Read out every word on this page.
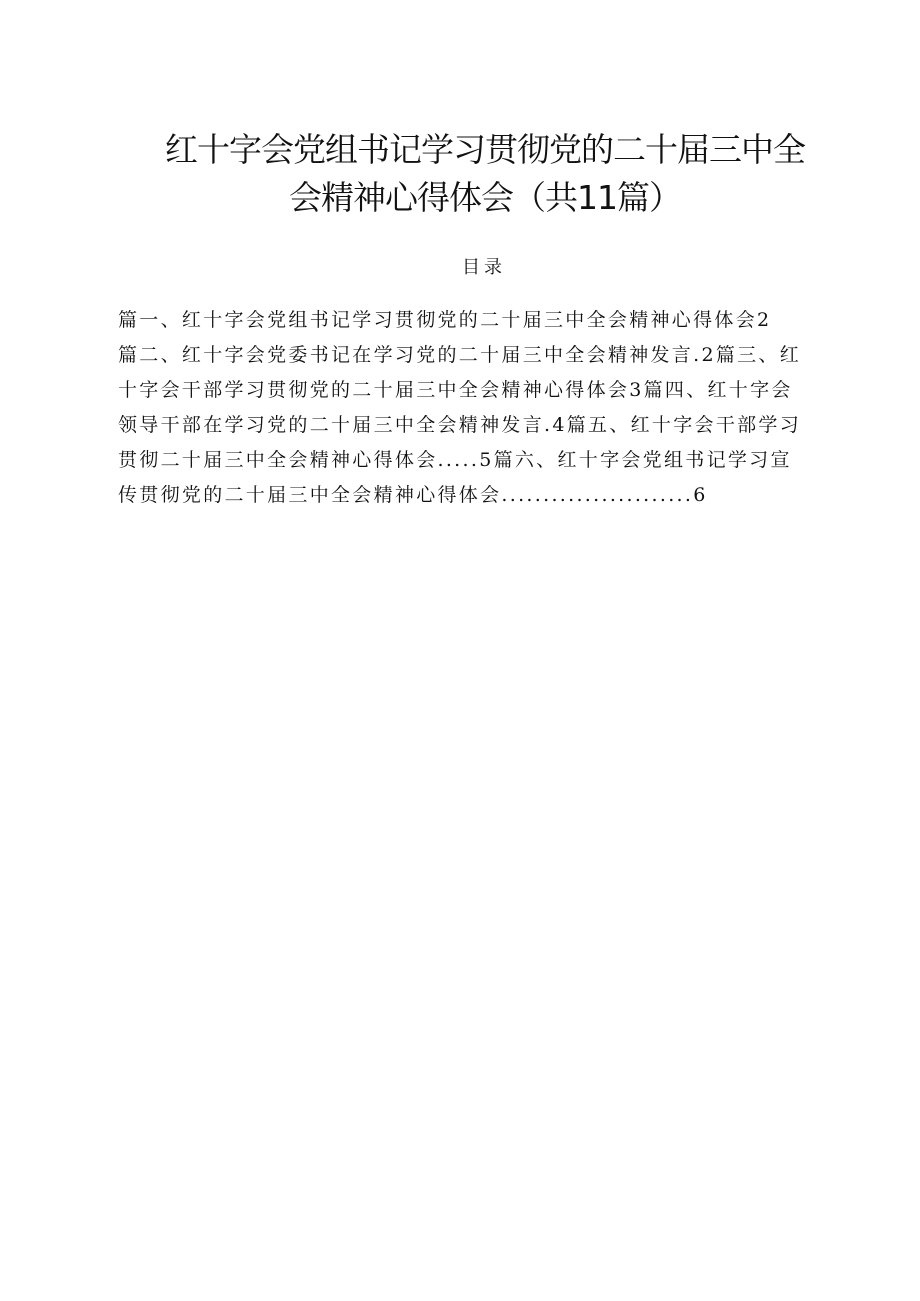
红十字会党组书记学习贯彻党的二十届三中全
会精神心得体会（共11篇）
目录
篇一、红十字会党组书记学习贯彻党的二十届三中全会精神心得体会2
篇二、红十字会党委书记在学习党的二十届三中全会精神发言.2篇三、红
十字会干部学习贯彻党的二十届三中全会精神心得体会3篇四、红十字会
领导干部在学习党的二十届三中全会精神发言.4篇五、红十字会干部学习
贯彻二十届三中全会精神心得体会.....5篇六、红十字会党组书记学习宣
传贯彻党的二十届三中全会精神心得体会.......................6
